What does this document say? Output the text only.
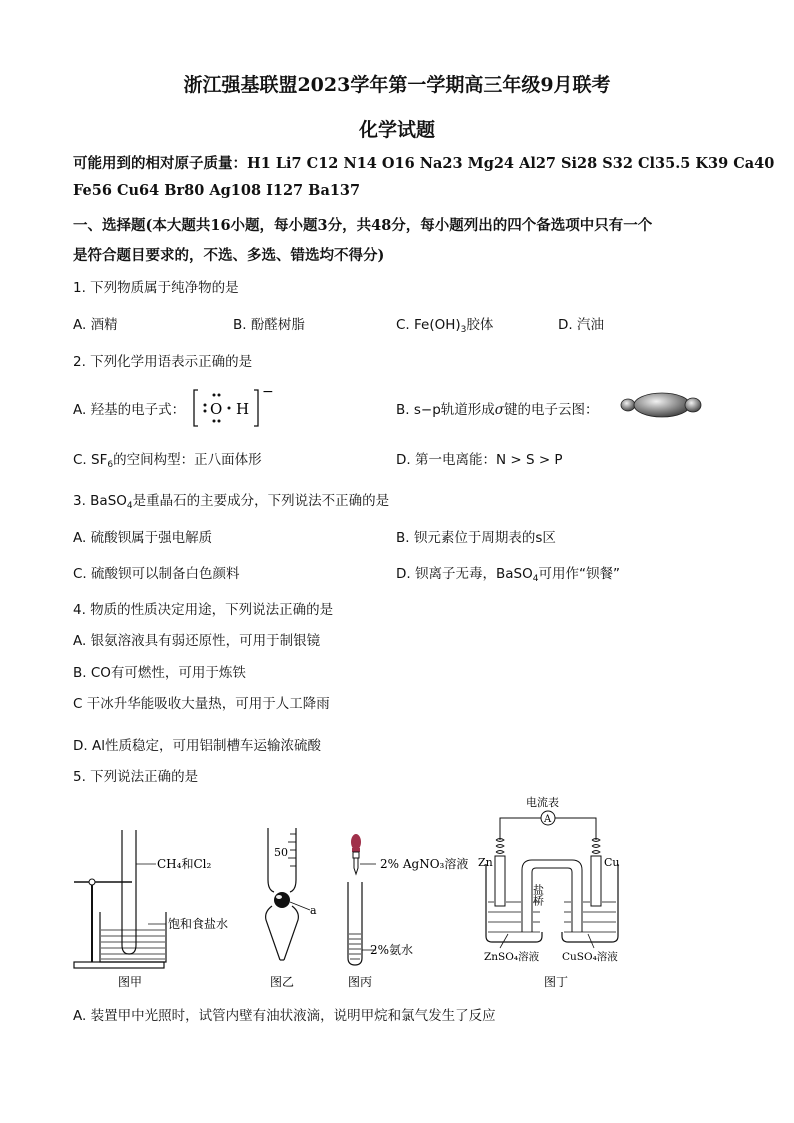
浙江强基联盟2023学年第一学期高三年级9月联考
化学试题
可能用到的相对原子质量：H1 Li7 C12 N14 O16 Na23 Mg24 Al27 Si28 S32 Cl35.5 K39 Ca40
Fe56 Cu64 Br80 Ag108 I127 Ba137
一、选择题(本大题共16小题，每小题3分，共48分，每小题列出的四个备选项中只有一个
是符合题目要求的，不选、多选、错选均不得分)
1. 下列物质属于纯净物的是
A. 酒精	B. 酚醛树脂	C. $Fe(OH)_3$胶体	D. 汽油
2. 下列化学用语表示正确的是
A. 羟基的电子式： O H
−
B. s−p轨道形成σ键的电子云图：
C. $SF_6$的空间构型：正八面体形	D. 第一电离能：N > S > P
3. BaSO$_4$是重晶石的主要成分，下列说法不正确的是
A. 硫酸钡属于强电解质	B. 钡元素位于周期表的s区
C. 硫酸钡可以制备白色颜料	D. 钡离子无毒，BaSO$_4$可用作“钡餐”
4. 物质的性质决定用途，下列说法正确的是
A. 银氨溶液具有弱还原性，可用于制银镜
B. CO有可燃性，可用于炼铁
C 干冰升华能吸收大量热，可用于人工降雨
D. Al性质稳定，可用铝制槽车运输浓硫酸
5. 下列说法正确的是
CH₄和Cl₂
饱和食盐水
图甲
50
a
图乙
2% AgNO₃溶液
2%氨水
图丙
电流表
A
Zn	Cu
盐桥
ZnSO₄溶液 CuSO₄溶液
图丁
A. 装置甲中光照时，试管内壁有油状液滴，说明甲烷和氯气发生了反应
